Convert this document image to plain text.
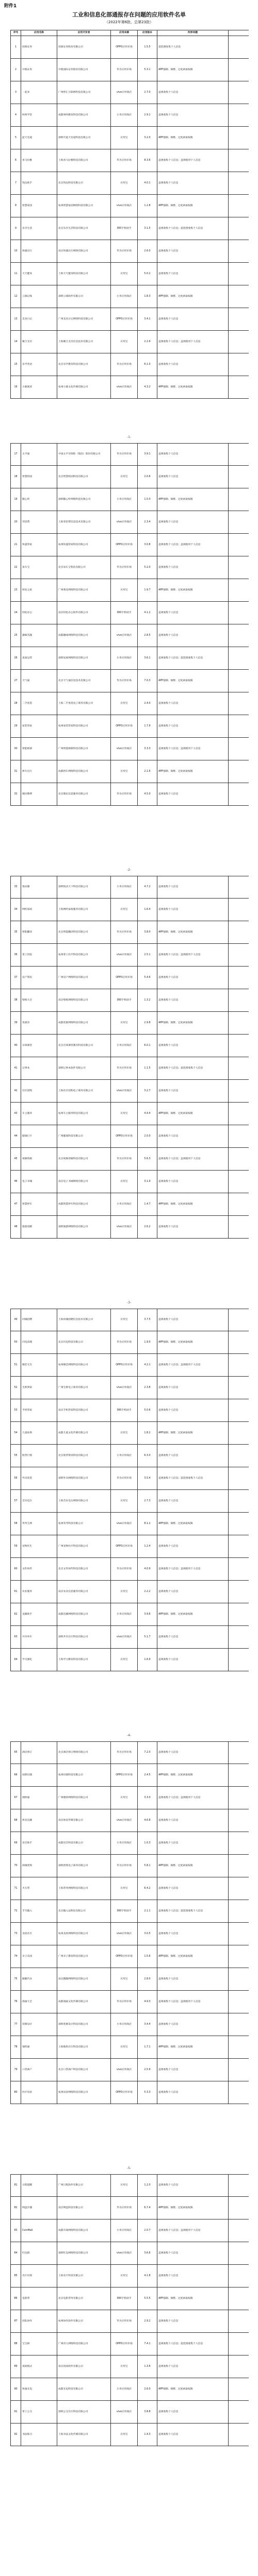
附件1
工业和信息化部通报存在问题的应用软件名单
（2022年第6批，总第23批）
序号	应用名称	应用开发者	应用来源	应用版本	所涉问题
1	招商证券	招商证券股份有限公司	OPPO应用市场	1.5.5	超范围收集个人信息
2	中银证券	中银国际证券股份有限公司	华为应用市场	5.3.1	APP强制、频繁、过度索取权限
3	一起来	广州智汇互联网科技有限公司	vivo应用商店	2.7.0	违规收集个人信息
4	叫叫学堂	成都叫叫教育科技有限公司	小米应用商店	2.9.1	违规收集个人信息
5	蓝天有道	深圳市蓝天有道科技有限公司	应用宝	3.2.0	APP强制、频繁、过度索取权限
6	喜马拉雅	上海喜马拉雅科技有限公司	华为应用市场	8.3.6	违规收集个人信息；违规使用个人信息
7	钱包助手	北京钱包科技有限公司	应用宝	4.0.1	违规收集个人信息
8	智慧家园	杭州智慧家园网络科技有限公司	vivo应用商店	1.2.8	APP强制、频繁、过度索取权限
9	乐享生活	北京乐享生活科技有限公司	360手机助手	3.1.5	违规收集个人信息；超范围收集个人信息
10	快捷出行	南京快捷出行网络有限公司	华为应用市场	2.6.0	违规收集个人信息
11	天天健身	上海天天健身科技有限公司	应用宝	5.0.2	违规收集个人信息
12	云端记账	深圳云端软件有限公司	小米应用商店	1.8.3	APP强制、频繁、过度索取权限
13	美食日记	广州美食日记网络科技有限公司	OPPO应用市场	3.4.1	违规收集个人信息
14	聚合支付	上海聚合支付信息技术有限公司	应用宝	2.2.9	违规收集个人信息；违规使用个人信息
15	乐学英语	北京乐学教育科技有限公司	华为应用市场	6.1.0	违规收集个人信息
16	小鹿阅读	杭州小鹿文化传媒有限公司	vivo应用商店	4.3.2	APP强制、频繁、过度索取权限
17	太平通	中国太平洋保险（集团）股份有限公司	华为应用市场	3.9.1	违规收集个人信息
18	智慧校园	北京智慧校园科技有限公司	应用宝	2.0.6	违规收集个人信息
19	随心听	深圳随心听网络科技有限公司	小米应用商店	1.5.0	APP强制、频繁、过度索取权限
20	邻里帮	上海邻里帮信息技术有限公司	vivo应用商店	2.3.4	违规收集个人信息
21	快递管家	杭州快递管家科技有限公司	OPPO应用市场	3.0.8	违规收集个人信息；违规使用个人信息
22	易车宝	北京易车宝科技有限公司	华为应用市场	5.2.0	违规收集个人信息
23	萌宠之家	广州萌宠网络科技有限公司	应用宝	1.9.7	APP强制、频繁、过度索取权限
24	轻松办公	南京轻松办公软件有限公司	360手机助手	4.1.2	违规收集个人信息
25	趣味答题	成都趣味网络科技有限公司	vivo应用商店	2.8.5	违规收集个人信息
26	星座运势	深圳星座网络科技有限公司	小米应用商店	3.6.1	违规收集个人信息；超范围收集个人信息
27	天气通	北京天气通信息技术有限公司	华为应用市场	7.0.3	APP强制、频繁、过度索取权限
28	二手优选	上海二手优选电子商务有限公司	应用宝	2.4.0	违规收集个人信息
29	家装管家	杭州家装管家科技有限公司	OPPO应用市场	1.7.9	违规收集个人信息
30	智能相册	广州智能相册科技有限公司	vivo应用商店	3.3.3	违规收集个人信息；违规使用个人信息
31	拼车出行	成都拼车网络科技有限公司	应用宝	2.1.6	APP强制、频繁、过度索取权限
32	便民缴费	北京便民信息服务有限公司	华为应用市场	4.5.0	违规收集个人信息
33	悦动圈	深圳悦动天下科技有限公司	小米应用商店	4.7.2	违规收集个人信息
34	网约家政	上海网约家政服务有限公司	应用宝	1.6.4	违规收集个人信息
35	智能翻译	北京智能翻译科技有限公司	华为应用市场	3.8.0	APP强制、频繁、过度索取权限
36	掌上医院	杭州掌上医疗科技有限公司	vivo应用商店	2.5.1	违规收集个人信息；违规使用个人信息
37	房产资讯	广州房产网络科技有限公司	OPPO应用市场	5.4.6	违规收集个人信息
38	壁纸大全	南京壁纸网络科技有限公司	360手机助手	1.3.2	违规收集个人信息
39	优惠券	成都优惠网络科技有限公司	应用宝	2.9.8	APP强制、频繁、过度索取权限
40	在线课堂	北京在线课堂教育科技有限公司	小米应用商店	6.0.1	违规收集个人信息
41	记事本	深圳记事本软件有限公司	华为应用市场	1.1.5	违规收集个人信息；超范围收集个人信息
42	社区团购	上海社区团购电子商务有限公司	vivo应用商店	3.2.7	违规收集个人信息
43	车主服务	杭州车主服务科技有限公司	应用宝	4.4.4	APP强制、频繁、过度索取权限
44	健康打卡	广州健康科技有限公司	OPPO应用市场	2.0.0	违规收集个人信息
45	视频剪辑	北京视频剪辑科技有限公司	华为应用市场	5.6.3	违规收集个人信息；违规使用个人信息
46	电子书城	南京电子书城网络有限公司	应用宝	3.1.9	违规收集个人信息
47	智慧停车	成都智慧停车科技有限公司	小米应用商店	1.4.7	APP强制、频繁、过度索取权限
48	旅游攻略	深圳旅游网络科技有限公司	vivo应用商店	2.6.2	违规收集个人信息
49	同城招聘	上海同城招聘信息技术有限公司	应用宝	3.7.5	违规收集个人信息
50	闪电清理	北京闪电科技有限公司	华为应用市场	1.9.0	APP强制、频繁、过度索取权限
51	婚恋交友	杭州婚恋网络科技有限公司	OPPO应用市场	4.2.1	违规收集个人信息；违规使用个人信息
52	生鲜到家	广州生鲜电子商务有限公司	vivo应用商店	2.3.8	违规收集个人信息
53	手机管家	南京手机管家科技有限公司	360手机助手	5.0.6	违规收集个人信息
54	儿童故事	成都儿童文化传媒有限公司	应用宝	1.8.2	APP强制、频繁、过度索取权限
55	股票行情	北京股票资讯科技有限公司	小米应用商店	6.3.0	违规收集个人信息
56	外卖优选	深圳外卖网络科技有限公司	华为应用市场	3.5.4	违规收集个人信息；超范围收集个人信息
57	音乐电台	上海音乐电台网络有限公司	应用宝	2.7.3	违规收集个人信息
58	驾考宝典	杭州驾考科技有限公司	vivo应用商店	8.1.2	APP强制、频繁、过度索取权限
59	宠物医生	广州宠物医疗科技有限公司	OPPO应用市场	1.2.4	违规收集个人信息
60	文件快传	北京文件快传科技有限公司	华为应用市场	4.0.9	违规收集个人信息；违规使用个人信息
61	农业服务	南京农业信息服务有限公司	应用宝	2.2.2	违规收集个人信息
62	直播助手	成都直播网络科技有限公司	小米应用商店	3.9.6	APP强制、频繁、过度索取权限
63	共享单车	深圳共享出行科技有限公司	vivo应用商店	5.1.7	违规收集个人信息
64	学习强化	上海学习教育科技有限公司	应用宝	1.6.9	违规收集个人信息
65	酒店预订	北京酒店预订网络有限公司	华为应用市场	7.2.0	违规收集个人信息
66	拍照识图	杭州识图科技有限公司	OPPO应用市场	2.4.5	APP强制、频繁、过度索取权限
67	理财通	广州理财网络科技有限公司	应用宝	3.3.0	违规收集个人信息；违规使用个人信息
68	体育直播	南京体育传媒有限公司	vivo应用商店	4.6.8	违规收集个人信息
69	语音助手	成都语音科技有限公司	小米应用商店	1.0.3	违规收集个人信息
70	商城优购	深圳优购电子商务有限公司	华为应用市场	5.8.1	APP强制、频繁、过度索取权限
71	火车票	上海票务网络科技有限公司	应用宝	6.4.2	违规收集个人信息
72	手写输入	北京输入法科技有限公司	360手机助手	2.1.1	违规收集个人信息；超范围收集个人信息
73	美妆社区	杭州美妆网络科技有限公司	vivo应用商店	3.0.5	违规收集个人信息
74	亲子乐园	广州亲子教育科技有限公司	OPPO应用市场	1.5.6	APP强制、频繁、过度索取权限
75	跑腿代办	南京跑腿网络科技有限公司	应用宝	2.8.0	违规收集个人信息
76	漫画大全	成都漫画文化传媒有限公司	华为应用市场	4.9.3	违规收集个人信息；违规使用个人信息
77	装修设计	深圳装修设计科技有限公司	小米应用商店	3.4.4	违规收集个人信息
78	地铁通	上海地铁出行科技有限公司	应用宝	1.7.1	APP强制、频繁、过度索取权限
79	口袋商户	北京口袋商户科技有限公司	vivo应用商店	2.5.9	违规收集个人信息
80	医疗问诊	杭州问诊网络科技有限公司	OPPO应用市场	5.3.3	违规收集个人信息
81	日程提醒	广州日程软件有限公司	应用宝	1.2.0	违规收集个人信息
82	网盘存储	南京网盘科技有限公司	华为应用市场	6.7.4	APP强制、频繁、过度索取权限
83	CoinMall	成都币商网络科技有限公司	小米应用商店	2.0.7	违规收集个人信息；违规使用个人信息
84	红包群	深圳红包网络科技有限公司	vivo应用商店	3.6.6	违规收集个人信息
85	名片识别	上海名片科技有限公司	应用宝	4.1.8	违规收集个人信息
86	电影票	北京电影票务有限公司	360手机助手	5.5.5	APP强制、频繁、过度索取权限
87	团队协作	杭州协作软件有限公司	华为应用市场	2.9.2	违规收集个人信息
88	宝宝树	广州育儿网络科技有限公司	OPPO应用市场	7.4.1	违规收集个人信息；超范围收集个人信息
89	夜间模式	南京夜间软件有限公司	应用宝	1.3.6	违规收集个人信息
90	快速充电	成都充电科技有限公司	小米应用商店	2.6.0	APP强制、频繁、过度索取权限
91	掌上公交	深圳公交出行科技有限公司	vivo应用商店	3.8.8	违规收集个人信息
92	书法练习	上海书法文化传媒有限公司	应用宝	1.4.3	违规收集个人信息
-1-
-2-
-3-
-4-
-5-
